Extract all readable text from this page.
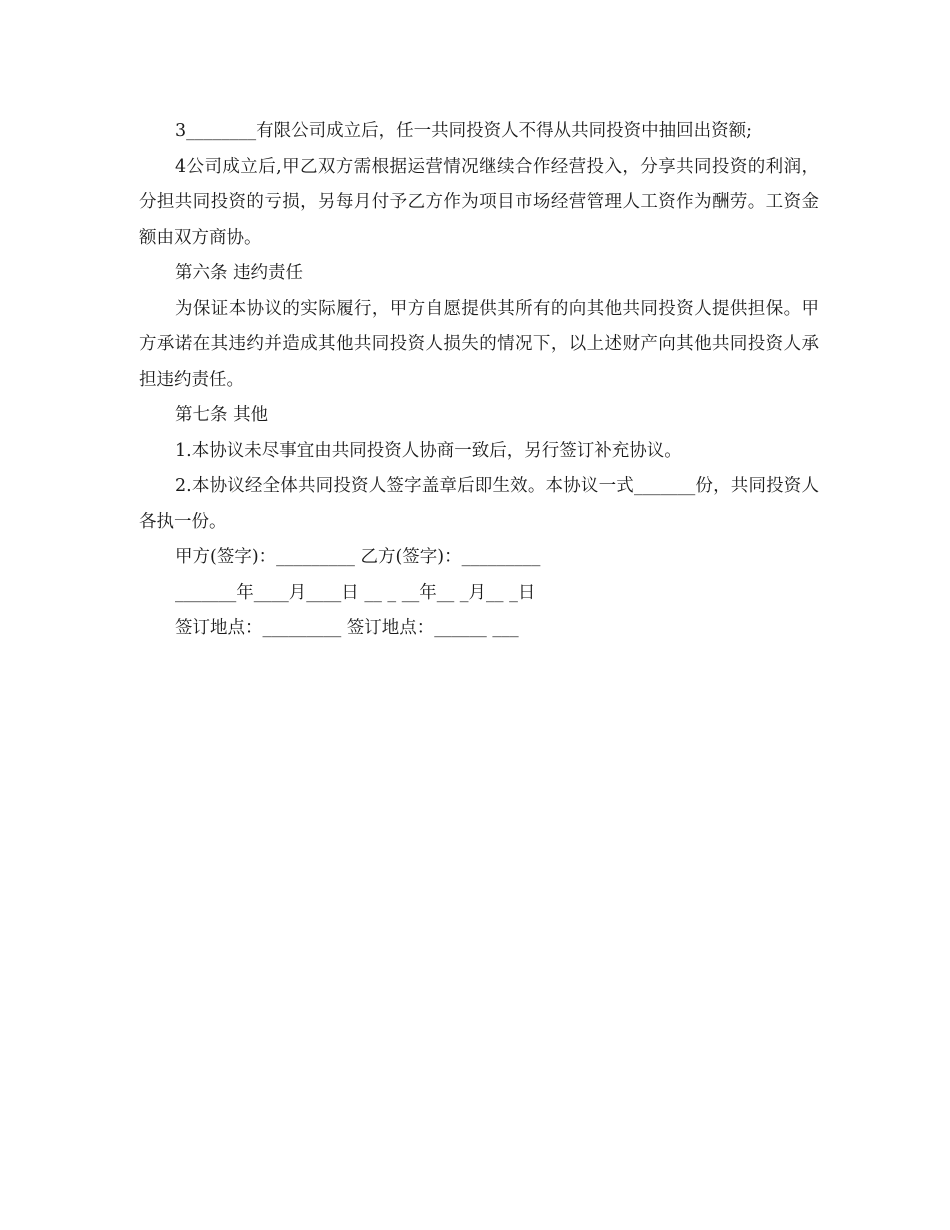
3________有限公司成立后，任一共同投资人不得从共同投资中抽回出资额;

4公司成立后,甲乙双方需根据运营情况继续合作经营投入，分享共同投资的利润，分担共同投资的亏损，另每月付予乙方作为项目市场经营管理人工资作为酬劳。工资金额由双方商协。

第六条 违约责任

为保证本协议的实际履行，甲方自愿提供其所有的向其他共同投资人提供担保。甲方承诺在其违约并造成其他共同投资人损失的情况下，以上述财产向其他共同投资人承担违约责任。

第七条 其他

1.本协议未尽事宜由共同投资人协商一致后，另行签订补充协议。

2.本协议经全体共同投资人签字盖章后即生效。本协议一式_______份，共同投资人各执一份。

甲方(签字)：_________ 乙方(签字)：_________

_______年____月____日 __ _ __年__ _月__ _日

签订地点：_________ 签订地点：______ ___
